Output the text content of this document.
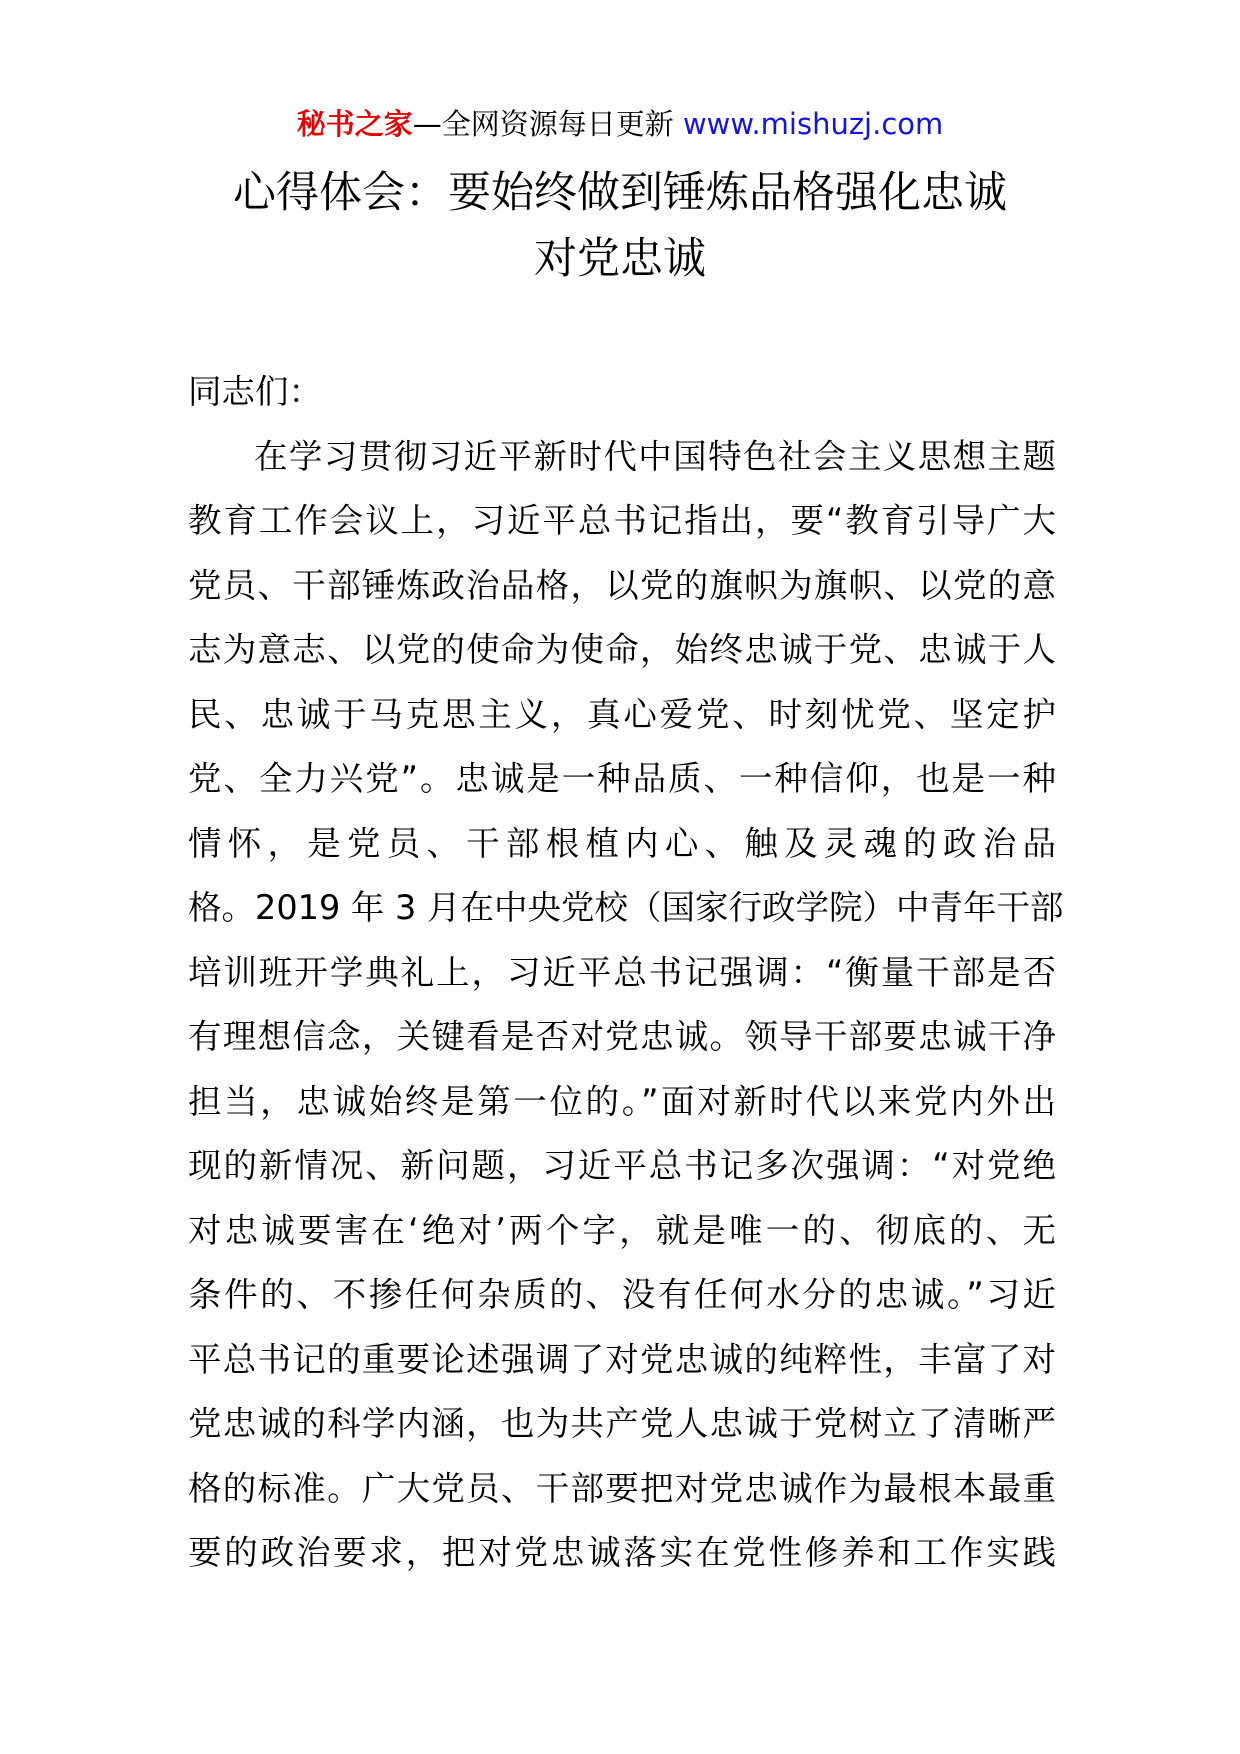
秘书之家—全网资源每日更新 www.mishuzj.com
心得体会：要始终做到锤炼品格强化忠诚
对党忠诚
同志们：
在学习贯彻习近平新时代中国特色社会主义思想主题
教育工作会议上，习近平总书记指出，要“教育引导广大
党员、干部锤炼政治品格，以党的旗帜为旗帜、以党的意
志为意志、以党的使命为使命，始终忠诚于党、忠诚于人
民、忠诚于马克思主义，真心爱党、时刻忧党、坚定护
党、全力兴党”。忠诚是一种品质、一种信仰，也是一种
情怀，是党员、干部根植内心、触及灵魂的政治品
格。2019 年 3 月在中央党校（国家行政学院）中青年干部
培训班开学典礼上，习近平总书记强调：“衡量干部是否
有理想信念，关键看是否对党忠诚。领导干部要忠诚干净
担当，忠诚始终是第一位的。”面对新时代以来党内外出
现的新情况、新问题，习近平总书记多次强调：“对党绝
对忠诚要害在‘绝对’两个字，就是唯一的、彻底的、无
条件的、不掺任何杂质的、没有任何水分的忠诚。”习近
平总书记的重要论述强调了对党忠诚的纯粹性，丰富了对
党忠诚的科学内涵，也为共产党人忠诚于党树立了清晰严
格的标准。广大党员、干部要把对党忠诚作为最根本最重
要的政治要求，把对党忠诚落实在党性修养和工作实践
